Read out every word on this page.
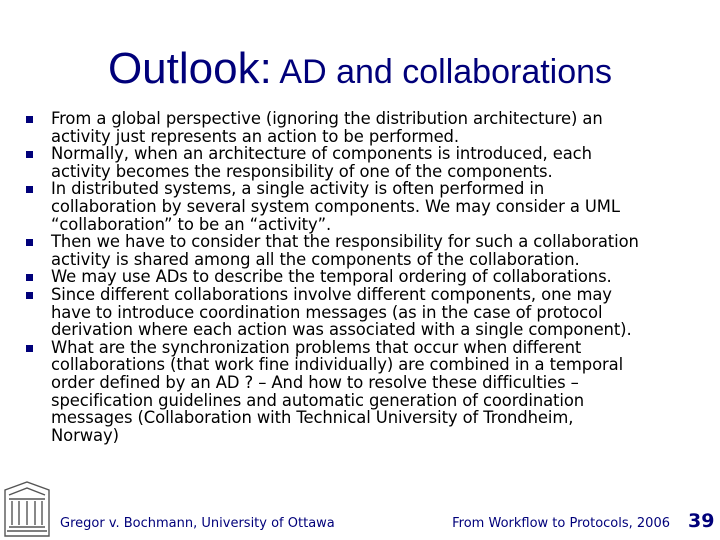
Outlook: AD and collaborations
From a global perspective (ignoring the distribution architecture) an
activity just represents an action to be performed.
Normally, when an architecture of components is introduced, each
activity becomes the responsibility of one of the components.
In distributed systems, a single activity is often performed in
collaboration by several system components. We may consider a UML
“collaboration” to be an “activity”.
Then we have to consider that the responsibility for such a collaboration
activity is shared among all the components of the collaboration.
We may use ADs to describe the temporal ordering of collaborations.
Since different collaborations involve different components, one may
have to introduce coordination messages (as in the case of protocol
derivation where each action was associated with a single component).
What are the synchronization problems that occur when different
collaborations (that work fine individually) are combined in a temporal
order defined by an AD ? – And how to resolve these difficulties –
specification guidelines and automatic generation of coordination
messages (Collaboration with Technical University of Trondheim,
Norway)
Gregor v. Bochmann, University of Ottawa	From Workflow to Protocols, 2006 39
